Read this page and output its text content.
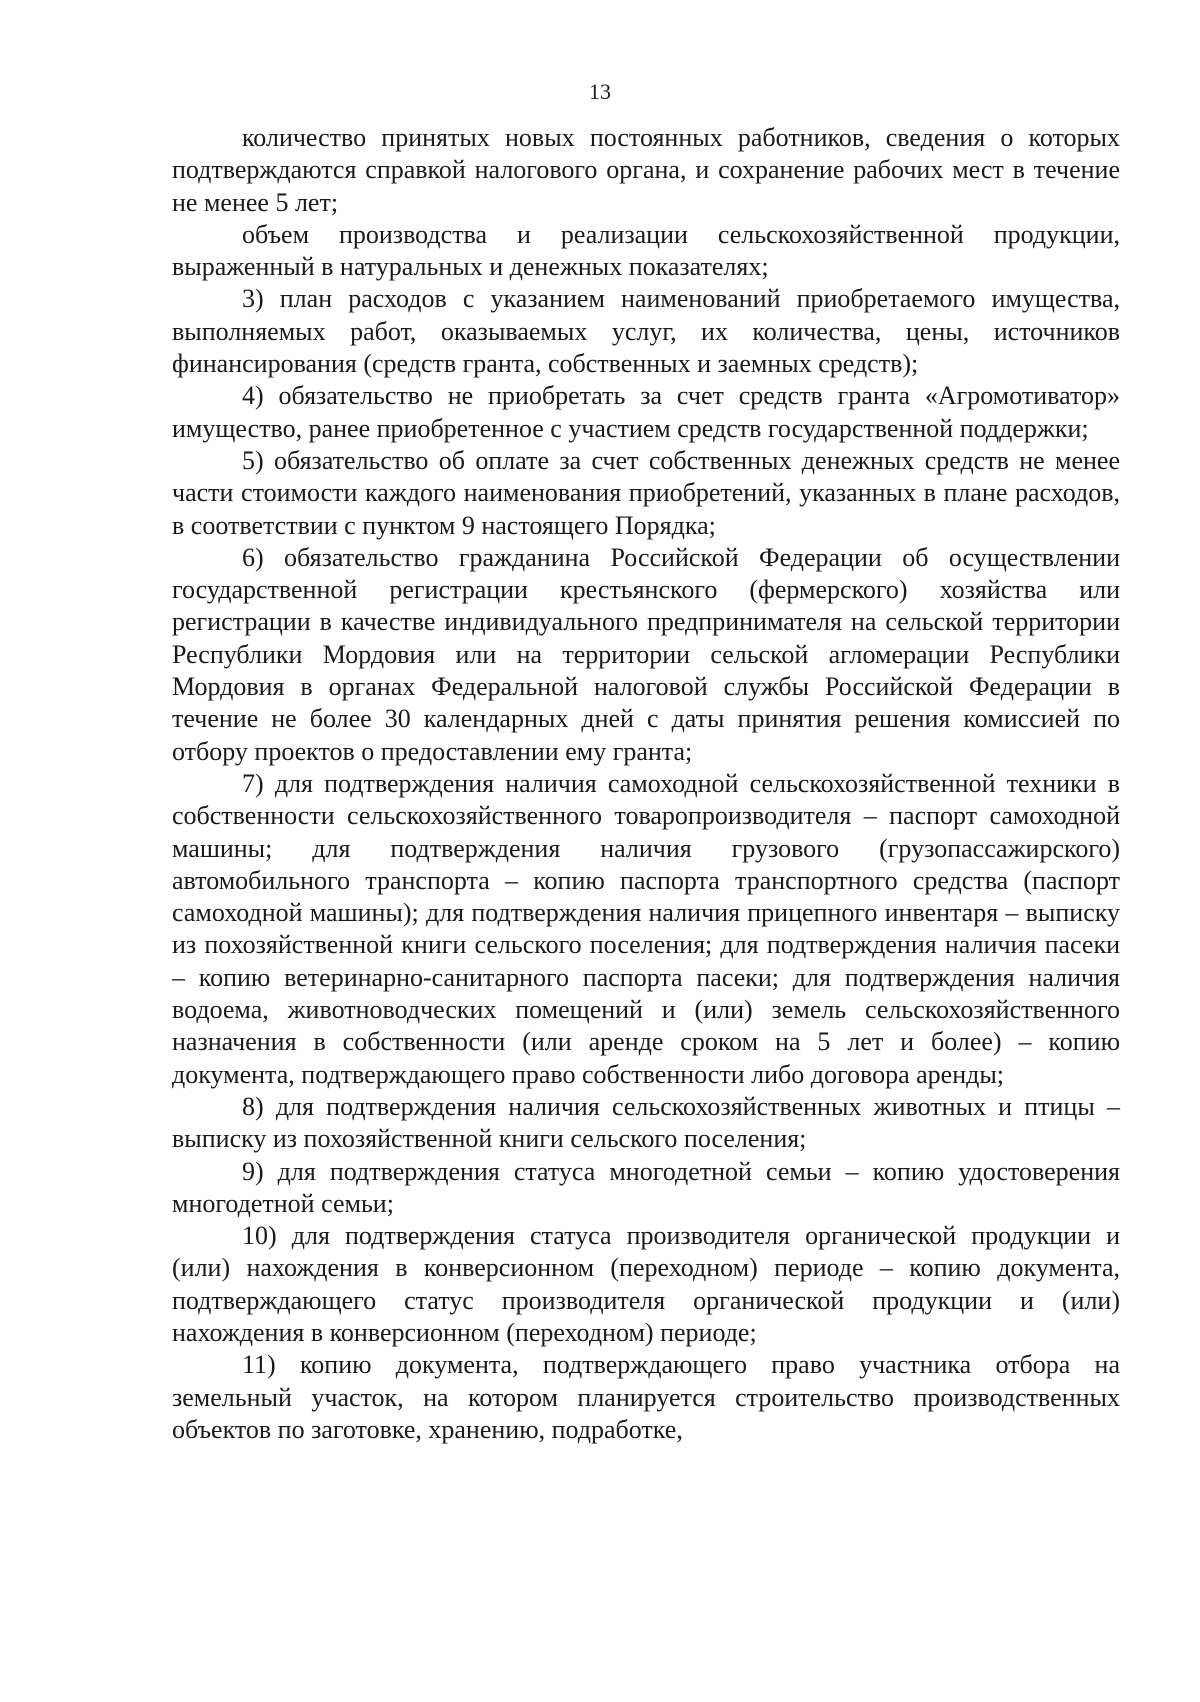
13

количество принятых новых постоянных работников, сведения о которых подтверждаются справкой налогового органа, и сохранение рабочих мест в течение не менее 5 лет;

объем производства и реализации сельскохозяйственной продукции, выраженный в натуральных и денежных показателях;

3) план расходов с указанием наименований приобретаемого имущества, выполняемых работ, оказываемых услуг, их количества, цены, источников финансирования (средств гранта, собственных и заемных средств);

4) обязательство не приобретать за счет средств гранта «Агромотиватор» имущество, ранее приобретенное с участием средств государственной поддержки;

5) обязательство об оплате за счет собственных денежных средств не менее части стоимости каждого наименования приобретений, указанных в плане расходов, в соответствии с пунктом 9 настоящего Порядка;

6) обязательство гражданина Российской Федерации об осуществлении государственной регистрации крестьянского (фермерского) хозяйства или регистрации в качестве индивидуального предпринимателя на сельской территории Республики Мордовия или на территории сельской агломерации Республики Мордовия в органах Федеральной налоговой службы Российской Федерации в течение не более 30 календарных дней с даты принятия решения комиссией по отбору проектов о предоставлении ему гранта;

7) для подтверждения наличия самоходной сельскохозяйственной техники в собственности сельскохозяйственного товаропроизводителя – паспорт самоходной машины; для подтверждения наличия грузового (грузопассажирского) автомобильного транспорта – копию паспорта транспортного средства (паспорт самоходной машины); для подтверждения наличия прицепного инвентаря – выписку из похозяйственной книги сельского поселения; для подтверждения наличия пасеки – копию ветеринарно-санитарного паспорта пасеки; для подтверждения наличия водоема, животноводческих помещений и (или) земель сельскохозяйственного назначения в собственности (или аренде сроком на 5 лет и более) – копию документа, подтверждающего право собственности либо договора аренды;

8) для подтверждения наличия сельскохозяйственных животных и птицы – выписку из похозяйственной книги сельского поселения;

9) для подтверждения статуса многодетной семьи – копию удостоверения многодетной семьи;

10) для подтверждения статуса производителя органической продукции и (или) нахождения в конверсионном (переходном) периоде – копию документа, подтверждающего статус производителя органической продукции и (или) нахождения в конверсионном (переходном) периоде;

11) копию документа, подтверждающего право участника отбора на земельный участок, на котором планируется строительство производственных объектов по заготовке, хранению, подработке,
